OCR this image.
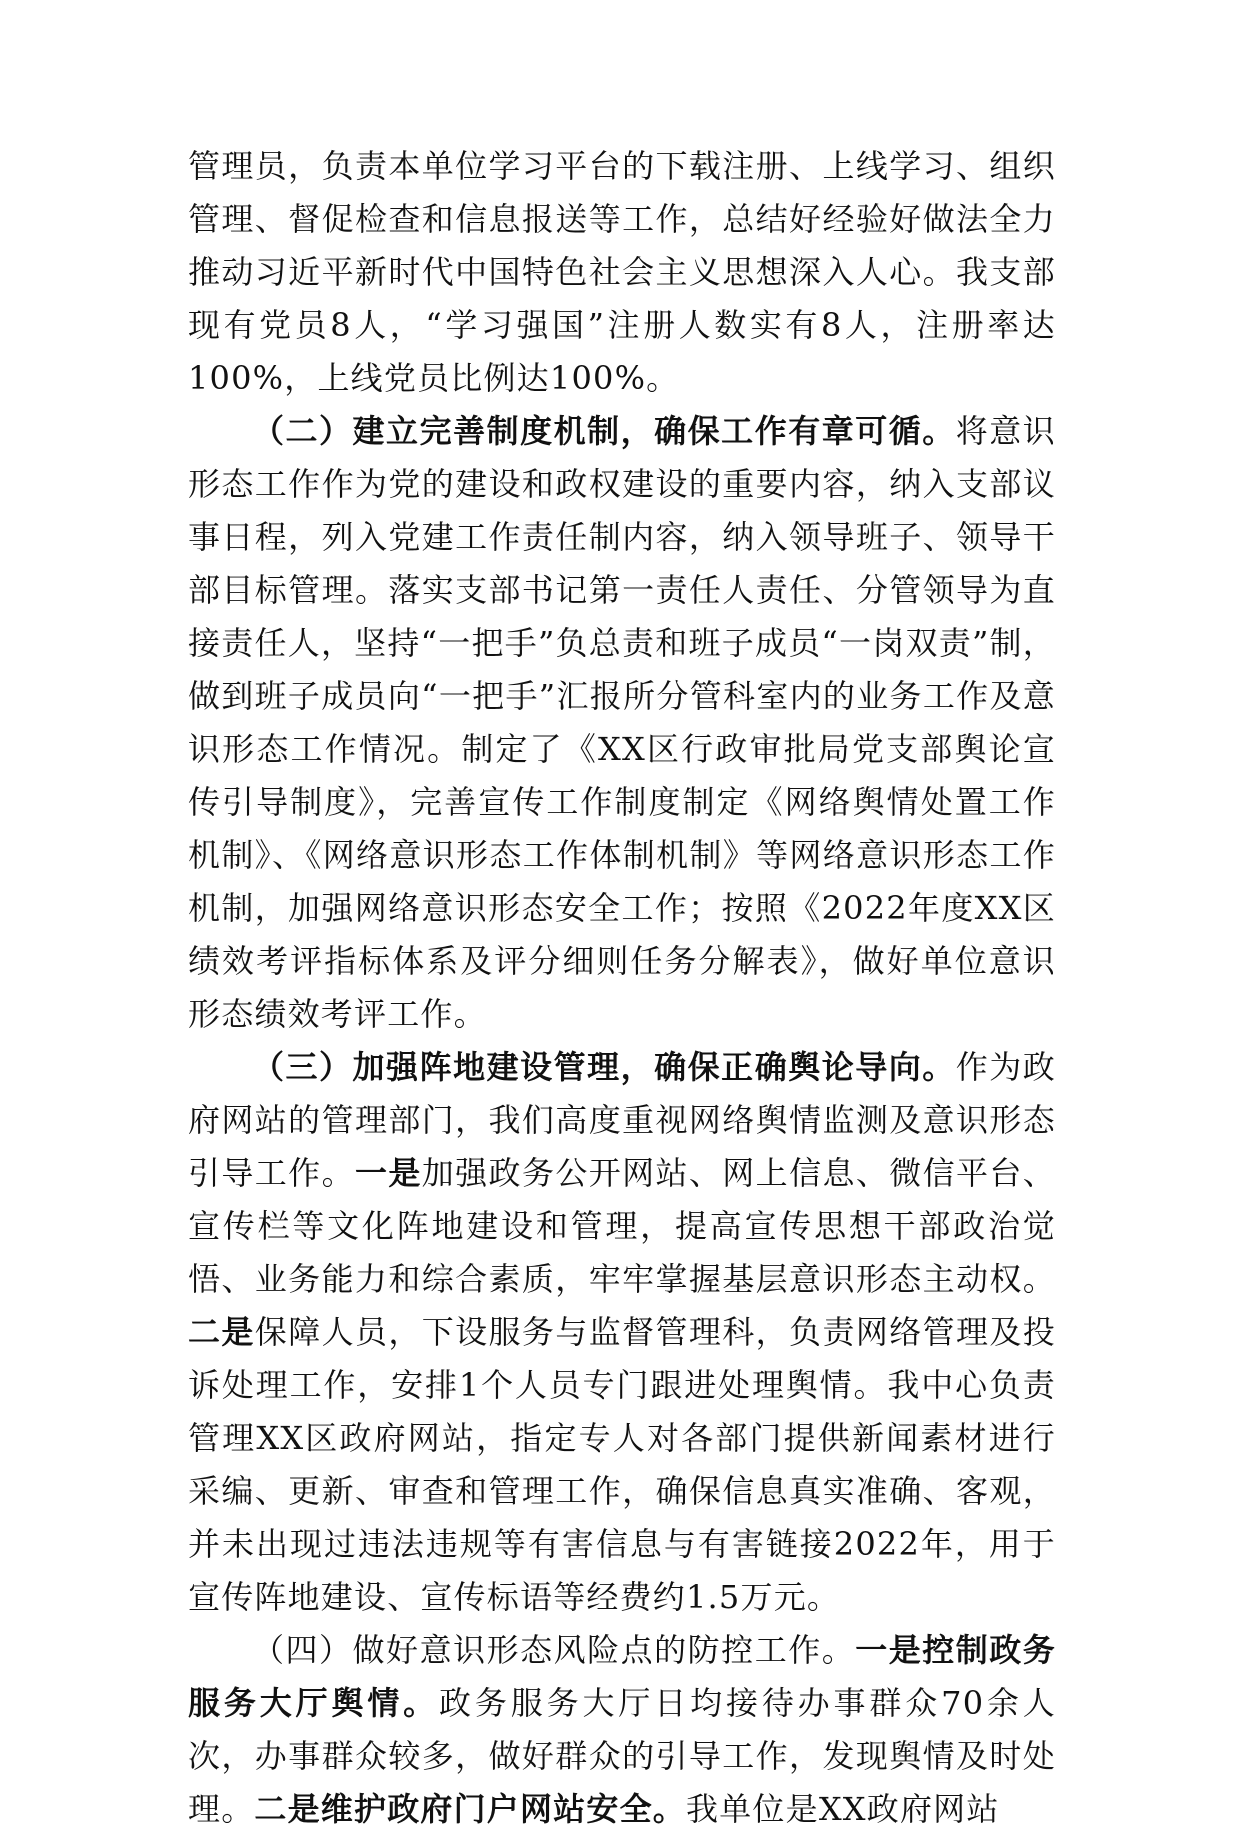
管理员，负责本单位学习平台的下载注册、上线学习、组织管理、督促检查和信息报送等工作，总结好经验好做法全力推动习近平新时代中国特色社会主义思想深入人心。我支部现有党员8人，“学习强国”注册人数实有8人，注册率达100%，上线党员比例达100%。

（二）建立完善制度机制，确保工作有章可循。将意识形态工作作为党的建设和政权建设的重要内容，纳入支部议事日程，列入党建工作责任制内容，纳入领导班子、领导干部目标管理。落实支部书记第一责任人责任、分管领导为直接责任人，坚持“一把手”负总责和班子成员“一岗双责”制，做到班子成员向“一把手”汇报所分管科室内的业务工作及意识形态工作情况。制定了《XX区行政审批局党支部舆论宣传引导制度》，完善宣传工作制度制定《网络舆情处置工作机制》、《网络意识形态工作体制机制》等网络意识形态工作机制，加强网络意识形态安全工作；按照《2022年度XX区绩效考评指标体系及评分细则任务分解表》，做好单位意识形态绩效考评工作。

（三）加强阵地建设管理，确保正确舆论导向。作为政府网站的管理部门，我们高度重视网络舆情监测及意识形态引导工作。一是加强政务公开网站、网上信息、微信平台、宣传栏等文化阵地建设和管理，提高宣传思想干部政治觉悟、业务能力和综合素质，牢牢掌握基层意识形态主动权。二是保障人员，下设服务与监督管理科，负责网络管理及投诉处理工作，安排1个人员专门跟进处理舆情。我中心负责管理XX区政府网站，指定专人对各部门提供新闻素材进行采编、更新、审查和管理工作，确保信息真实准确、客观，并未出现过违法违规等有害信息与有害链接2022年，用于宣传阵地建设、宣传标语等经费约1.5万元。

（四）做好意识形态风险点的防控工作。一是控制政务服务大厅舆情。政务服务大厅日均接待办事群众70余人次，办事群众较多，做好群众的引导工作，发现舆情及时处理。二是维护政府门户网站安全。我单位是XX政府网站
